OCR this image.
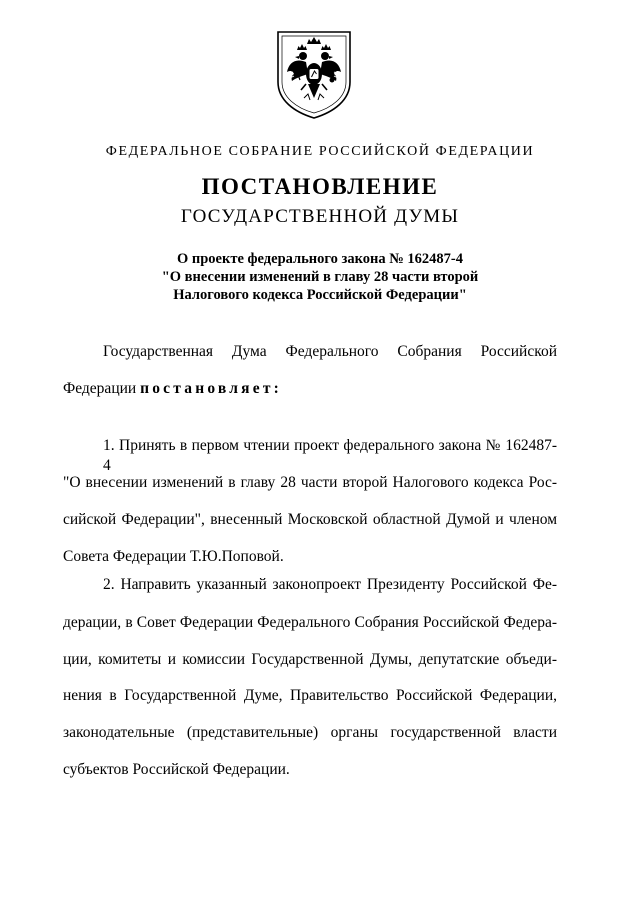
ФЕДЕРАЛЬНОЕ СОБРАНИЕ РОССИЙСКОЙ ФЕДЕРАЦИИ
ПОСТАНОВЛЕНИЕ
ГОСУДАРСТВЕННОЙ ДУМЫ
О проекте федерального закона № 162487-4
"О внесении изменений в главу 28 части второй
Налогового кодекса Российской Федерации"
Государственная Дума Федерального Собрания Российской
Федерации постановляет:
1. Принять в первом чтении проект федерального закона № 162487-4
"О внесении изменений в главу 28 части второй Налогового кодекса Рос-
сийской Федерации", внесенный Московской областной Думой и членом
Совета Федерации Т.Ю.Поповой.
2. Направить указанный законопроект Президенту Российской Фе-
дерации, в Совет Федерации Федерального Собрания Российской Федера-
ции, комитеты и комиссии Государственной Думы, депутатские объеди-
нения в Государственной Думе, Правительство Российской Федерации,
законодательные (представительные) органы государственной власти
субъектов Российской Федерации.
